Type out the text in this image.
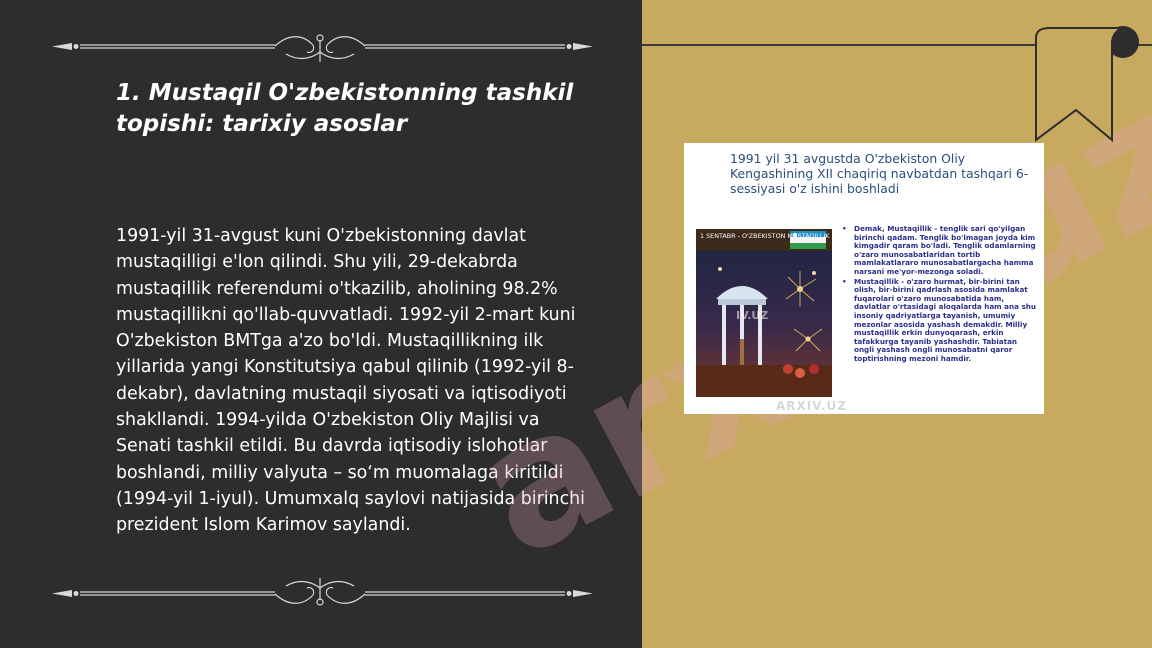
1. Mustaqil O'zbekistonning tashkil topishi: tarixiy asoslar

1991-yil 31-avgust kuni O'zbekistonning davlat mustaqilligi e'lon qilindi. Shu yili, 29-dekabrda mustaqillik referendumi o'tkazilib, aholining 98.2% mustaqillikni qo'llab-quvvatladi. 1992-yil 2-mart kuni O'zbekiston BMTga a'zo bo'ldi. Mustaqillikning ilk yillarida yangi Konstitutsiya qabul qilinib (1992-yil 8-dekabr), davlatning mustaqil siyosati va iqtisodiyoti shakllandi. 1994-yilda O'zbekiston Oliy Majlisi va Senati tashkil etildi. Bu davrda iqtisodiy islohotlar boshlandi, milliy valyuta – so‘m muomalaga kiritildi (1994-yil 1-iyul). Umumxalq saylovi natijasida birinchi prezident Islom Karimov saylandi.

1991 yil 31 avgustda O'zbekiston Oliy Kengashining XII chaqiriq navbatdan tashqari 6-sessiyasi o'z ishini boshladi

1 SENTABR - O'ZBEKISTON MUSTAQILLIK KUNI
IV.UZ
• Demak, Mustaqillik - tenglik sari qo'yilgan birinchi qadam. Tenglik bo'lmagan joyda kim kimgadir qaram bo'ladi. Tenglik odamlarning o'zaro munosabatlaridan tortib mamlakatlararo munosabatlargacha hamma narsani me'yor-mezonga soladi.
• Mustaqillik - o'zaro hurmat, bir-birini tan olish, bir-birini qadrlash asosida mamlakat fuqarolari o'zaro munosabatida ham, davlatlar o'rtasidagi aloqalarda ham ana shu insoniy qadriyatlarga tayanish, umumiy mezonlar asosida yashash demakdir. Milliy mustaqillik erkin dunyoqarash, erkin tafakkurga tayanib yashashdir. Tabiatan ongli yashash ongli munosabatni qaror toptirishning mezoni hamdir.
ARXIV.UZ
